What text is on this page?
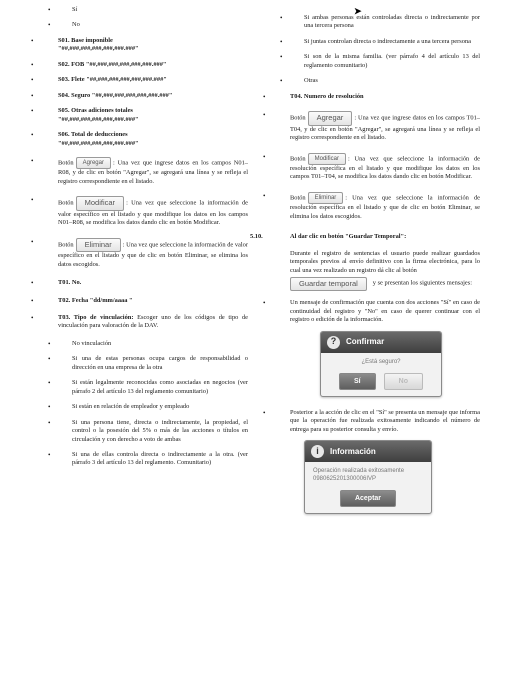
•	Sí
•	No
•	S01. Base imponible
"##,###,###,###,###,###.###"
•	S02. FOB "##,###,###,###,###,###.###"
•	S03. Flete "##,###,###,###,###,###.###"
•	S04. Seguro "##,###,###,###,###,###.###"
•	S05. Otras adiciones totales
"##,###,###,###,###,###.###"
•	S06. Total de deducciones
"##,###,###,###,###,###.###"
•	Botón Agregar : Una vez que ingrese datos en los campos N01–R08, y de clic en botón "Agregar", se agregará una línea y se refleja el registro correspondiente en el listado.
•	Botón Modificar : Una vez que seleccione la información de valor específico en el listado y que modifique los datos en los campos N01–R08, se modifica los datos dando clic en botón Modificar.
•	Botón Eliminar : Una vez que seleccione la información de valor específico en el listado y que de clic en botón Eliminar, se elimina los datos escogidos.
•	T01. No.
•	T02. Fecha "dd/mm/aaaa "
•	T03. Tipo de vinculación: Escoger uno de los códigos de tipo de vinculación para valoración de la DAV.
•	No vinculación
•	Si una de estas personas ocupa cargos de responsabilidad o dirección en una empresa de la otra
•	Si están legalmente reconocidas como asociadas en negocios (ver párrafo 2 del artículo 13 del reglamento comunitario)
•	Si están en relación de empleador y empleado
•	Si una persona tiene, directa o indirectamente, la propiedad, el control o la posesión del 5% o más de las acciones o títulos en circulación y con derecho a voto de ambas
•	Si una de ellas controla directa o indirectamente a la otra. (ver párrafo 3 del artículo 13 del reglamento. Comunitario)
•	Si ambas personas están controladas directa o indirectamente por una tercera persona
•	Si juntas controlan directa o indirectamente a una tercera persona
•	Si son de la misma familia. (ver párrafo 4 del artículo 13 del reglamento comunitario)
•	Otras
•	T04. Numero de resolución
•	Botón Agregar : Una vez que ingrese datos en los campos T01–T04, y de clic en botón "Agregar", se agregará una línea y se refleja el registro correspondiente en el listado.
•	Botón Modificar : Una vez que seleccione la información de resolución específica en el listado y que modifique los datos en los campos T01–T04, se modifica los datos dando clic en botón Modificar.
•	Botón Eliminar : Una vez que seleccione la información de resolución específica en el listado y que de clic en botón Eliminar, se elimina los datos escogidos.
5.10.	Al dar clic en botón "Guardar Temporal":
Durante el registro de sentencias el usuario puede realizar guardados temporales previos al envío definitivo con la firma electrónica, para lo cual una vez realizado un registro dá clic al botón
Guardar temporal y se presentan los siguientes mensajes:
•	Un mensaje de confirmación que cuenta con dos acciones "Sí" en caso de continuidad del registro y "No" en caso de querer continuar con el registro o edición de la información.
?	Confirmar
➤
¿Está seguro?
Sí	No
•	Posterior a la acción de clic en el "Sí" se presenta un mensaje que informa que la operación fue realizada exitosamente indicando el número de entrega para su posterior consulta y envío.
i	Información
Operación realizada exitosamente
0980625201300006IVP
Aceptar
